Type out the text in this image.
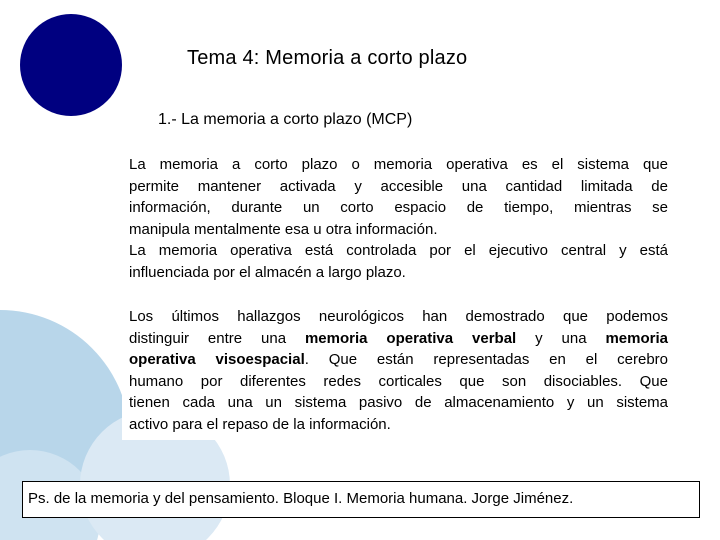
Tema 4: Memoria a corto plazo
1.- La memoria a corto plazo (MCP)
La memoria a corto plazo o memoria operativa es el sistema que
permite mantener activada y accesible una cantidad limitada de
información, durante un corto espacio de tiempo, mientras se
manipula mentalmente esa u otra información.
La memoria operativa está controlada por el ejecutivo central y está
influenciada por el almacén a largo plazo.
Los últimos hallazgos neurológicos han demostrado que podemos
distinguir entre una memoria operativa verbal y una memoria
operativa visoespacial. Que están representadas en el cerebro
humano por diferentes redes corticales que son disociables. Que
tienen cada una un sistema pasivo de almacenamiento y un sistema
activo para el repaso de la información.
Ps. de la memoria y del pensamiento. Bloque I. Memoria humana. Jorge Jiménez.
